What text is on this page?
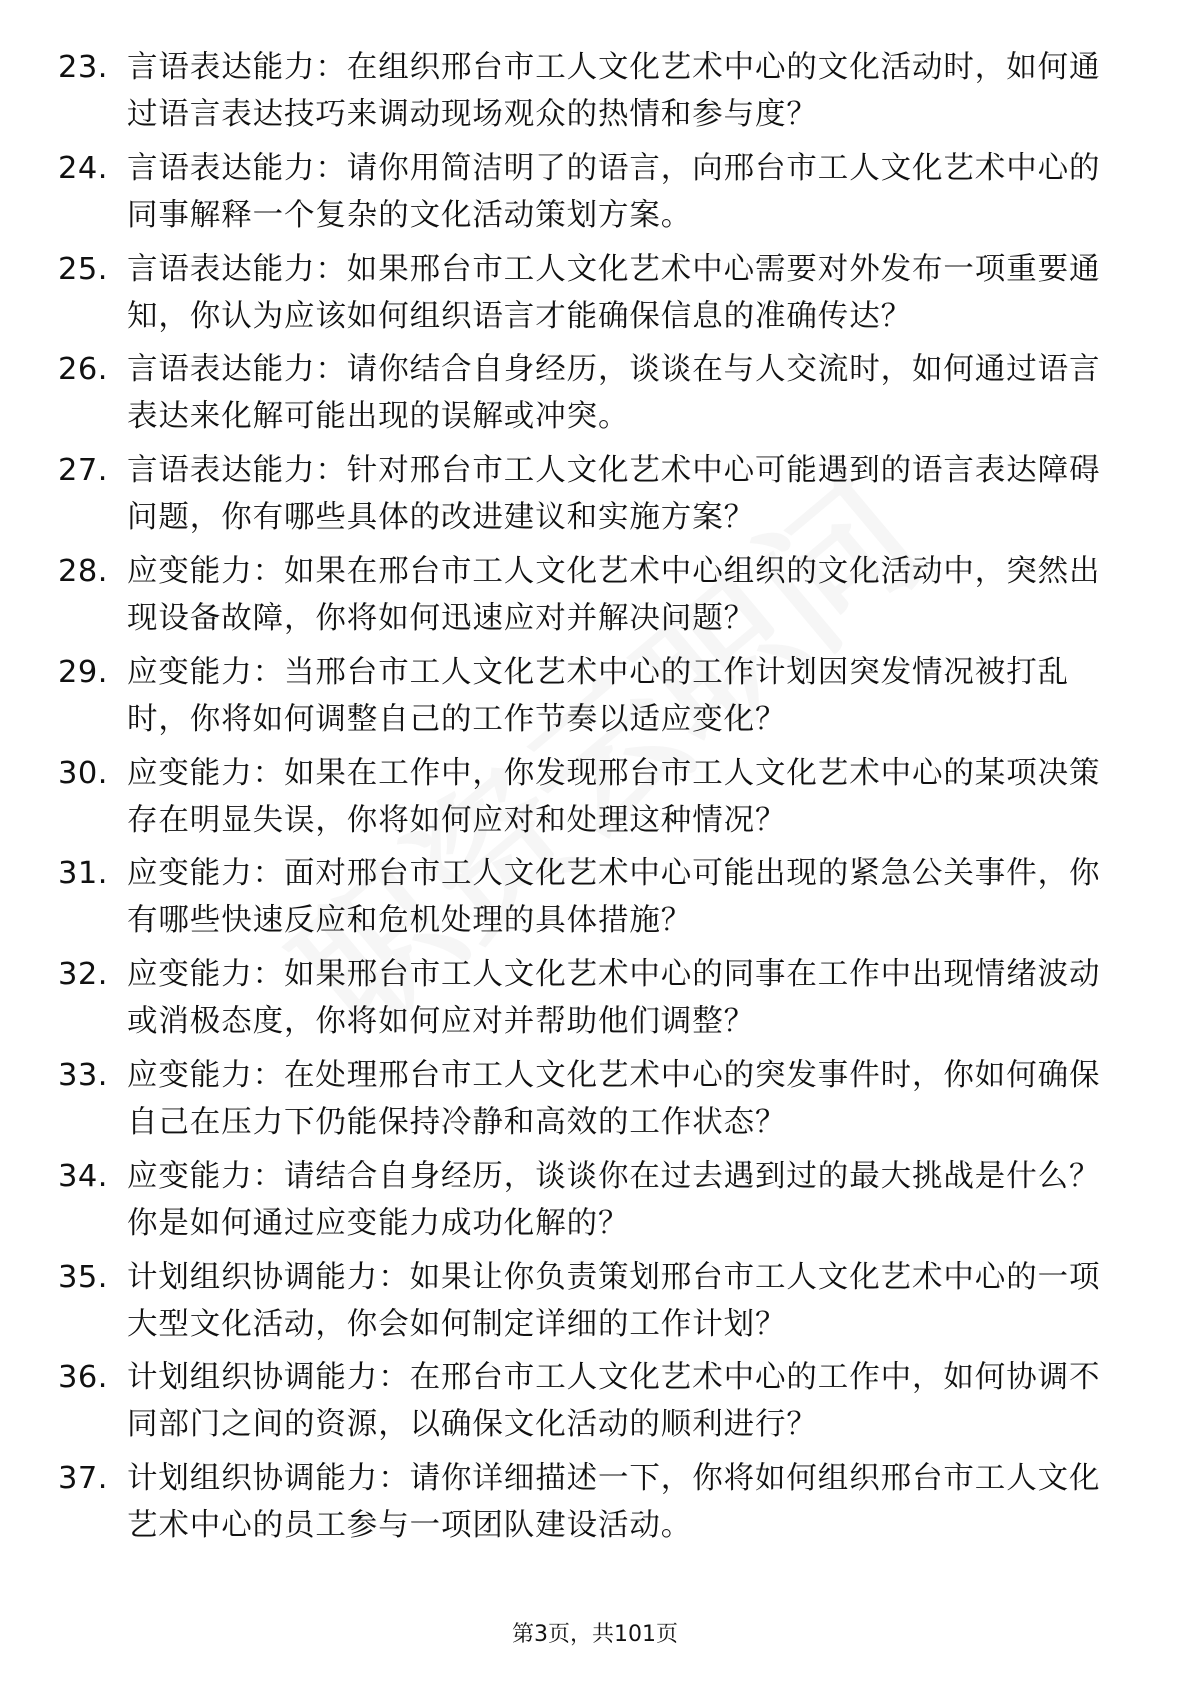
23. 言语表达能力：在组织邢台市工人文化艺术中心的文化活动时，如何通过语言表达技巧来调动现场观众的热情和参与度？
24. 言语表达能力：请你用简洁明了的语言，向邢台市工人文化艺术中心的同事解释一个复杂的文化活动策划方案。
25. 言语表达能力：如果邢台市工人文化艺术中心需要对外发布一项重要通知，你认为应该如何组织语言才能确保信息的准确传达？
26. 言语表达能力：请你结合自身经历，谈谈在与人交流时，如何通过语言表达来化解可能出现的误解或冲突。
27. 言语表达能力：针对邢台市工人文化艺术中心可能遇到的语言表达障碍问题，你有哪些具体的改进建议和实施方案？
28. 应变能力：如果在邢台市工人文化艺术中心组织的文化活动中，突然出现设备故障，你将如何迅速应对并解决问题？
29. 应变能力：当邢台市工人文化艺术中心的工作计划因突发情况被打乱时，你将如何调整自己的工作节奏以适应变化？
30. 应变能力：如果在工作中，你发现邢台市工人文化艺术中心的某项决策存在明显失误，你将如何应对和处理这种情况？
31. 应变能力：面对邢台市工人文化艺术中心可能出现的紧急公关事件，你有哪些快速反应和危机处理的具体措施？
32. 应变能力：如果邢台市工人文化艺术中心的同事在工作中出现情绪波动或消极态度，你将如何应对并帮助他们调整？
33. 应变能力：在处理邢台市工人文化艺术中心的突发事件时，你如何确保自己在压力下仍能保持冷静和高效的工作状态？
34. 应变能力：请结合自身经历，谈谈你在过去遇到过的最大挑战是什么？你是如何通过应变能力成功化解的？
35. 计划组织协调能力：如果让你负责策划邢台市工人文化艺术中心的一项大型文化活动，你会如何制定详细的工作计划？
36. 计划组织协调能力：在邢台市工人文化艺术中心的工作中，如何协调不同部门之间的资源，以确保文化活动的顺利进行？
37. 计划组织协调能力：请你详细描述一下，你将如何组织邢台市工人文化艺术中心的员工参与一项团队建设活动。
第3页，共101页
